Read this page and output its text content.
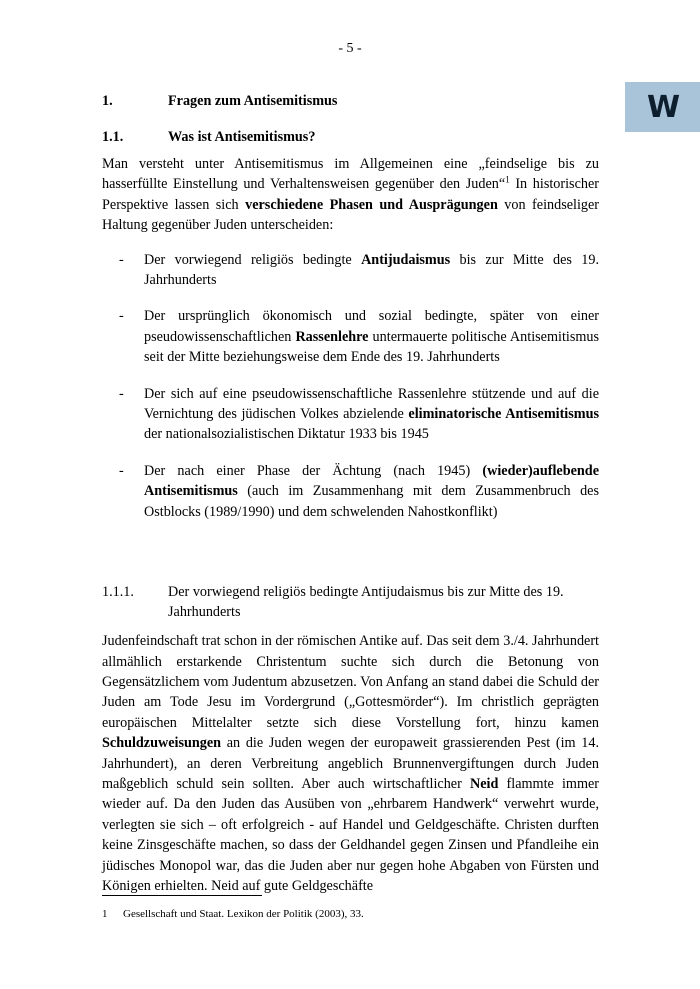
- 5 -
W
1.	Fragen zum Antisemitismus
1.1.	Was ist Antisemitismus?

Man versteht unter Antisemitismus im Allgemeinen eine „feindselige bis zu hasserfüllte Einstellung und Verhaltensweisen gegenüber den Juden“$^1$ In historischer Perspektive lassen sich verschiedene Phasen und Ausprägungen von feindseliger Haltung gegenüber Juden unterscheiden:

-	Der vorwiegend religiös bedingte Antijudaismus bis zur Mitte des 19. Jahrhunderts
-	Der ursprünglich ökonomisch und sozial bedingte, später von einer pseudowissenschaftlichen Rassenlehre untermauerte politische Antisemitismus seit der Mitte beziehungsweise dem Ende des 19. Jahrhunderts
-	Der sich auf eine pseudowissenschaftliche Rassenlehre stützende und auf die Vernichtung des jüdischen Volkes abzielende eliminatorische Antisemitismus der nationalsozialistischen Diktatur 1933 bis 1945
-	Der nach einer Phase der Ächtung (nach 1945) (wieder)auflebende Antisemitismus (auch im Zusammenhang mit dem Zusammenbruch des Ostblocks (1989/1990) und dem schwelenden Nahostkonflikt)
1.1.1.	Der vorwiegend religiös bedingte Antijudaismus bis zur Mitte des 19. Jahrhunderts

Judenfeindschaft trat schon in der römischen Antike auf. Das seit dem 3./4. Jahrhundert allmählich erstarkende Christentum suchte sich durch die Betonung von Gegensätzlichem vom Judentum abzusetzen. Von Anfang an stand dabei die Schuld der Juden am Tode Jesu im Vordergrund („Gottesmörder“). Im christlich geprägten europäischen Mittelalter setzte sich diese Vorstellung fort, hinzu kamen Schuldzuweisungen an die Juden wegen der europaweit grassierenden Pest (im 14. Jahrhundert), an deren Verbreitung angeblich Brunnenvergiftungen durch Juden maßgeblich schuld sein sollten. Aber auch wirtschaftlicher Neid flammte immer wieder auf. Da den Juden das Ausüben von „ehrbarem Handwerk“ verwehrt wurde, verlegten sie sich – oft erfolgreich - auf Handel und Geldgeschäfte. Christen durften keine Zinsgeschäfte machen, so dass der Geldhandel gegen Zinsen und Pfandleihe ein jüdisches Monopol war, das die Juden aber nur gegen hohe Abgaben von Fürsten und Königen erhielten. Neid auf gute Geldgeschäfte

1	Gesellschaft und Staat. Lexikon der Politik (2003), 33.
